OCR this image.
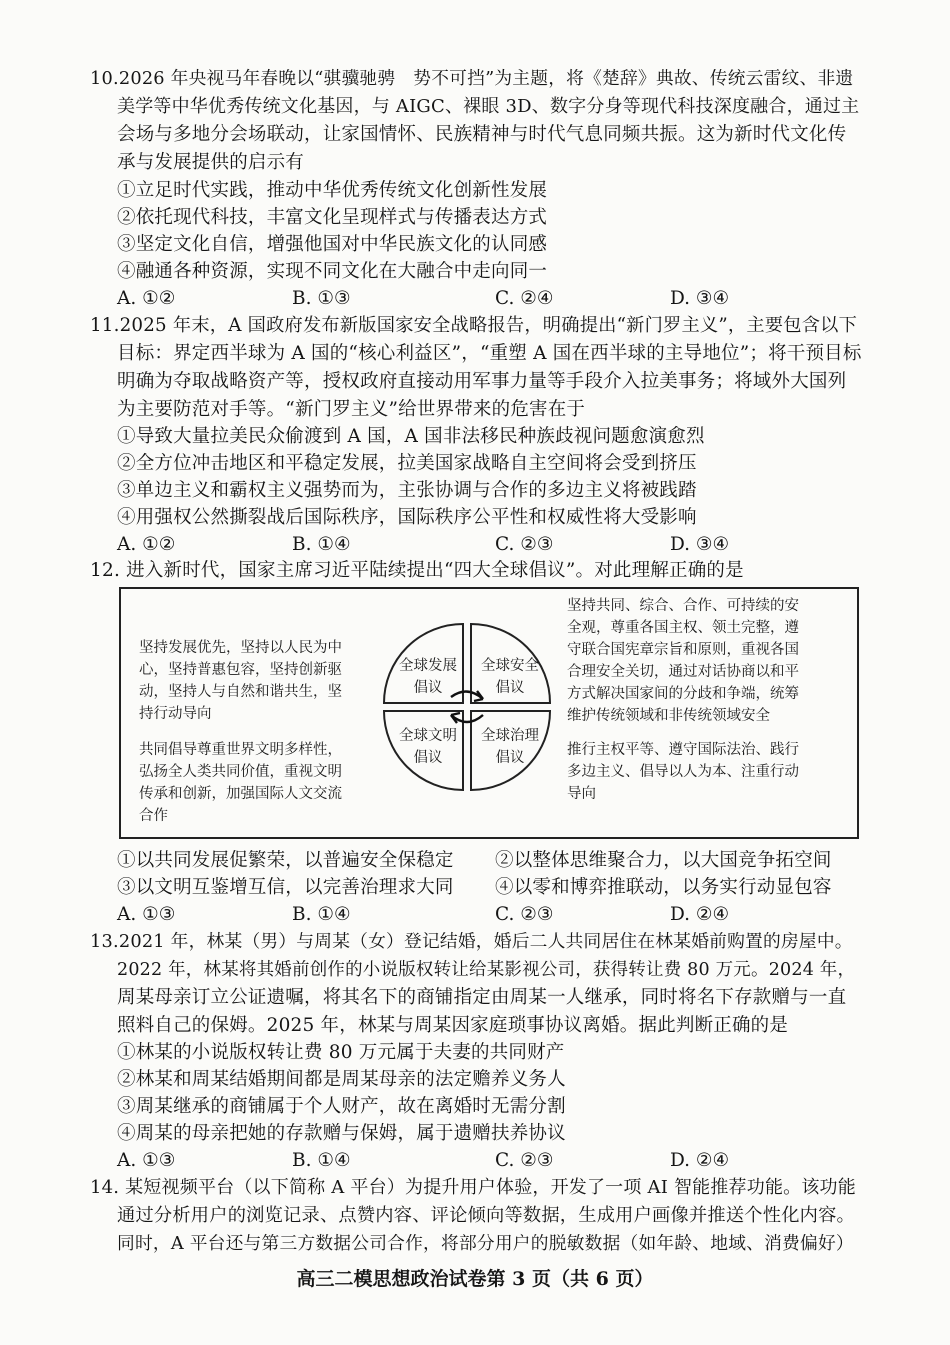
10.2026 年央视马年春晚以“骐骥驰骋　势不可挡”为主题，将《楚辞》典故、传统云雷纹、非遗
美学等中华优秀传统文化基因，与 AIGC、裸眼 3D、数字分身等现代科技深度融合，通过主
会场与多地分会场联动，让家国情怀、民族精神与时代气息同频共振。这为新时代文化传
承与发展提供的启示有
①立足时代实践，推动中华优秀传统文化创新性发展
②依托现代科技，丰富文化呈现样式与传播表达方式
③坚定文化自信，增强他国对中华民族文化的认同感
④融通各种资源，实现不同文化在大融合中走向同一
A. ①②	B. ①③	C. ②④	D. ③④
11.2025 年末，A 国政府发布新版国家安全战略报告，明确提出“新门罗主义”，主要包含以下
目标：界定西半球为 A 国的“核心利益区”，“重塑 A 国在西半球的主导地位”；将干预目标
明确为夺取战略资产等，授权政府直接动用军事力量等手段介入拉美事务；将域外大国列
为主要防范对手等。“新门罗主义”给世界带来的危害在于
①导致大量拉美民众偷渡到 A 国，A 国非法移民种族歧视问题愈演愈烈
②全方位冲击地区和平稳定发展，拉美国家战略自主空间将会受到挤压
③单边主义和霸权主义强势而为，主张协调与合作的多边主义将被践踏
④用强权公然撕裂战后国际秩序，国际秩序公平性和权威性将大受影响
A. ①②	B. ①④	C. ②③	D. ③④
12. 进入新时代，国家主席习近平陆续提出“四大全球倡议”。对此理解正确的是
坚持发展优先，坚持以人民为中
心，坚持普惠包容，坚持创新驱
动，坚持人与自然和谐共生，坚
持行动导向
共同倡导尊重世界文明多样性，
弘扬全人类共同价值，重视文明
传承和创新，加强国际人文交流
合作
坚持共同、综合、合作、可持续的安
全观，尊重各国主权、领土完整，遵
守联合国宪章宗旨和原则，重视各国
合理安全关切，通过对话协商以和平
方式解决国家间的分歧和争端，统筹
维护传统领域和非传统领域安全
推行主权平等、遵守国际法治、践行
多边主义、倡导以人为本、注重行动
导向
全球发展
倡议
全球安全
倡议
全球文明
倡议
全球治理
倡议
①以共同发展促繁荣，以普遍安全保稳定 ②以整体思维聚合力，以大国竞争拓空间
③以文明互鉴增互信，以完善治理求大同 ④以零和博弈推联动，以务实行动显包容
A. ①③	B. ①④	C. ②③	D. ②④
13.2021 年，林某（男）与周某（女）登记结婚，婚后二人共同居住在林某婚前购置的房屋中。
2022 年，林某将其婚前创作的小说版权转让给某影视公司，获得转让费 80 万元。2024 年，
周某母亲订立公证遗嘱，将其名下的商铺指定由周某一人继承，同时将名下存款赠与一直
照料自己的保姆。2025 年，林某与周某因家庭琐事协议离婚。据此判断正确的是
①林某的小说版权转让费 80 万元属于夫妻的共同财产
②林某和周某结婚期间都是周某母亲的法定赡养义务人
③周某继承的商铺属于个人财产，故在离婚时无需分割
④周某的母亲把她的存款赠与保姆，属于遗赠扶养协议
A. ①③	B. ①④	C. ②③	D. ②④
14. 某短视频平台（以下简称 A 平台）为提升用户体验，开发了一项 AI 智能推荐功能。该功能
通过分析用户的浏览记录、点赞内容、评论倾向等数据，生成用户画像并推送个性化内容。
同时，A 平台还与第三方数据公司合作，将部分用户的脱敏数据（如年龄、地域、消费偏好）
高三二模思想政治试卷第 3 页（共 6 页）
